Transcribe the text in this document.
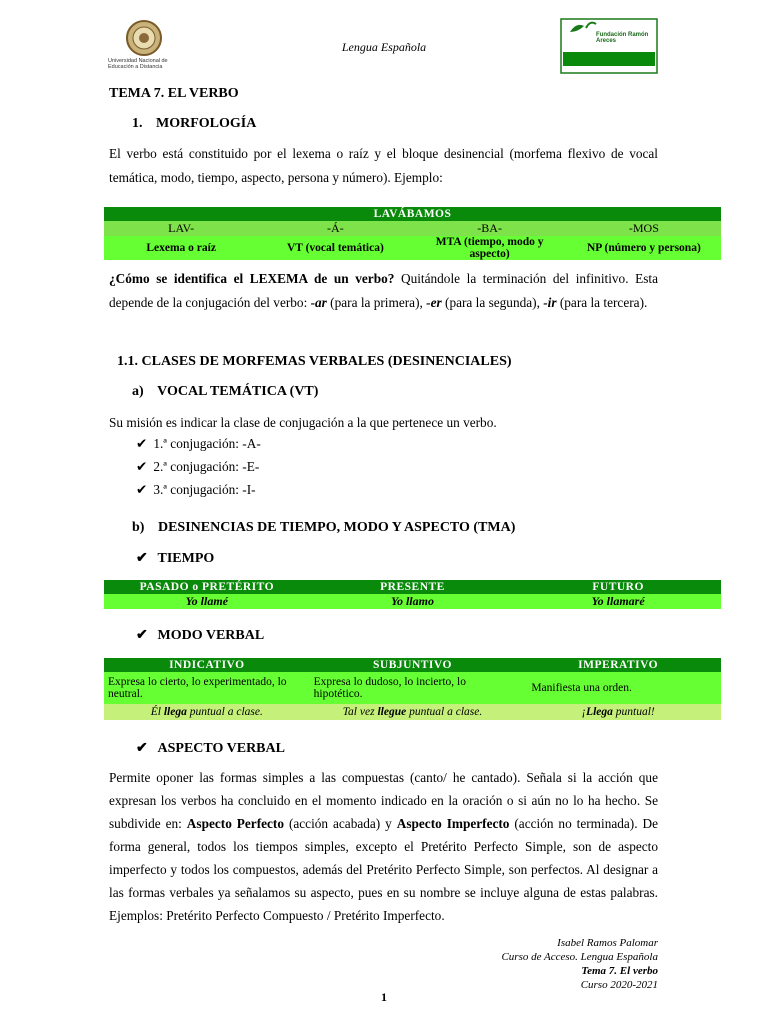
Universidad Nacional de Educación a Distancia
Lengua Española
Fundación Ramón Areces
TEMA 7. EL VERBO
1. MORFOLOGÍA
El verbo está constituido por el lexema o raíz y el bloque desinencial (morfema flexivo de vocal temática, modo, tiempo, aspecto, persona y número). Ejemplo:
LAVÁBAMOS			
LAV-	-Á-	-BA-	-MOS
Lexema o raíz	VT (vocal temática)	MTA (tiempo, modo y aspecto)	NP (número y persona)
¿Cómo se identifica el LEXEMA de un verbo? Quitándole la terminación del infinitivo. Esta depende de la conjugación del verbo: -ar (para la primera), -er (para la segunda), -ir (para la tercera).
1.1. CLASES DE MORFEMAS VERBALES (DESINENCIALES)
a) VOCAL TEMÁTICA (VT)
Su misión es indicar la clase de conjugación a la que pertenece un verbo.
✔ 1.ª conjugación: -A-
✔ 2.ª conjugación: -E-
✔ 3.ª conjugación: -I-
b) DESINENCIAS DE TIEMPO, MODO Y ASPECTO (TMA)
✔ TIEMPO
PASADO o PRETÉRITO	PRESENTE	FUTURO
Yo llamé	Yo llamo	Yo llamaré
✔ MODO VERBAL
INDICATIVO	SUBJUNTIVO	IMPERATIVO
Expresa lo cierto, lo experimentado, lo neutral.	Expresa lo dudoso, lo incierto, lo hipotético.	Manifiesta una orden.
Él llega puntual a clase.	Tal vez llegue puntual a clase.	¡Llega puntual!
✔ ASPECTO VERBAL
Permite oponer las formas simples a las compuestas (canto/ he cantado). Señala si la acción que expresan los verbos ha concluido en el momento indicado en la oración o si aún no lo ha hecho. Se subdivide en: Aspecto Perfecto (acción acabada) y Aspecto Imperfecto (acción no terminada). De forma general, todos los tiempos simples, excepto el Pretérito Perfecto Simple, son de aspecto imperfecto y todos los compuestos, además del Pretérito Perfecto Simple, son perfectos. Al designar a las formas verbales ya señalamos su aspecto, pues en su nombre se incluye alguna de estas palabras. Ejemplos: Pretérito Perfecto Compuesto / Pretérito Imperfecto.
Isabel Ramos Palomar
Curso de Acceso. Lengua Española
Tema 7. El verbo
Curso 2020-2021
1
